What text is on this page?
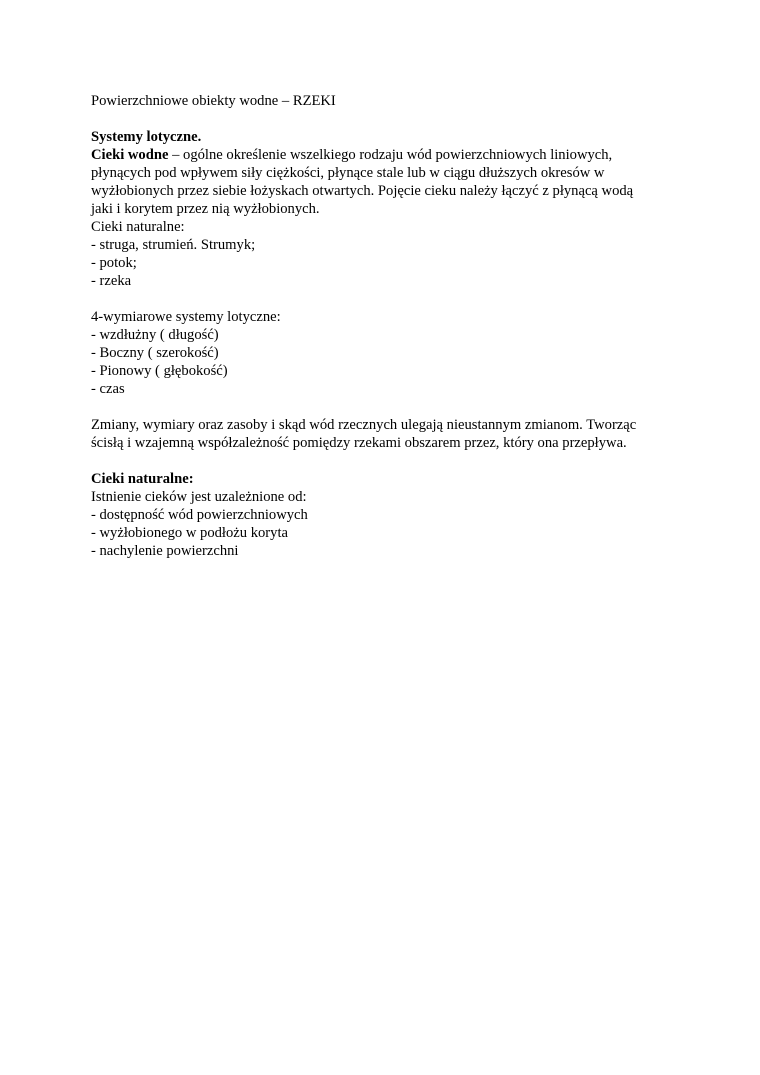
Powierzchniowe obiekty wodne – RZEKI
Systemy lotyczne.
Cieki wodne – ogólne określenie wszelkiego rodzaju wód powierzchniowych liniowych,
płynących pod wpływem siły ciężkości, płynące stale lub w ciągu dłuższych okresów w
wyżłobionych przez siebie łożyskach otwartych. Pojęcie cieku należy łączyć z płynącą wodą
jaki i korytem przez nią wyżłobionych.
Cieki naturalne:
- struga, strumień. Strumyk;
- potok;
- rzeka
4-wymiarowe systemy lotyczne:
- wzdłużny ( długość)
- Boczny ( szerokość)
- Pionowy ( głębokość)
- czas
Zmiany, wymiary oraz zasoby i skąd wód rzecznych ulegają nieustannym zmianom. Tworząc
ścisłą i wzajemną współzależność pomiędzy rzekami obszarem przez, który ona przepływa.
Cieki naturalne:
Istnienie cieków jest uzależnione od:
- dostępność wód powierzchniowych
- wyżłobionego w podłożu koryta
- nachylenie powierzchni
